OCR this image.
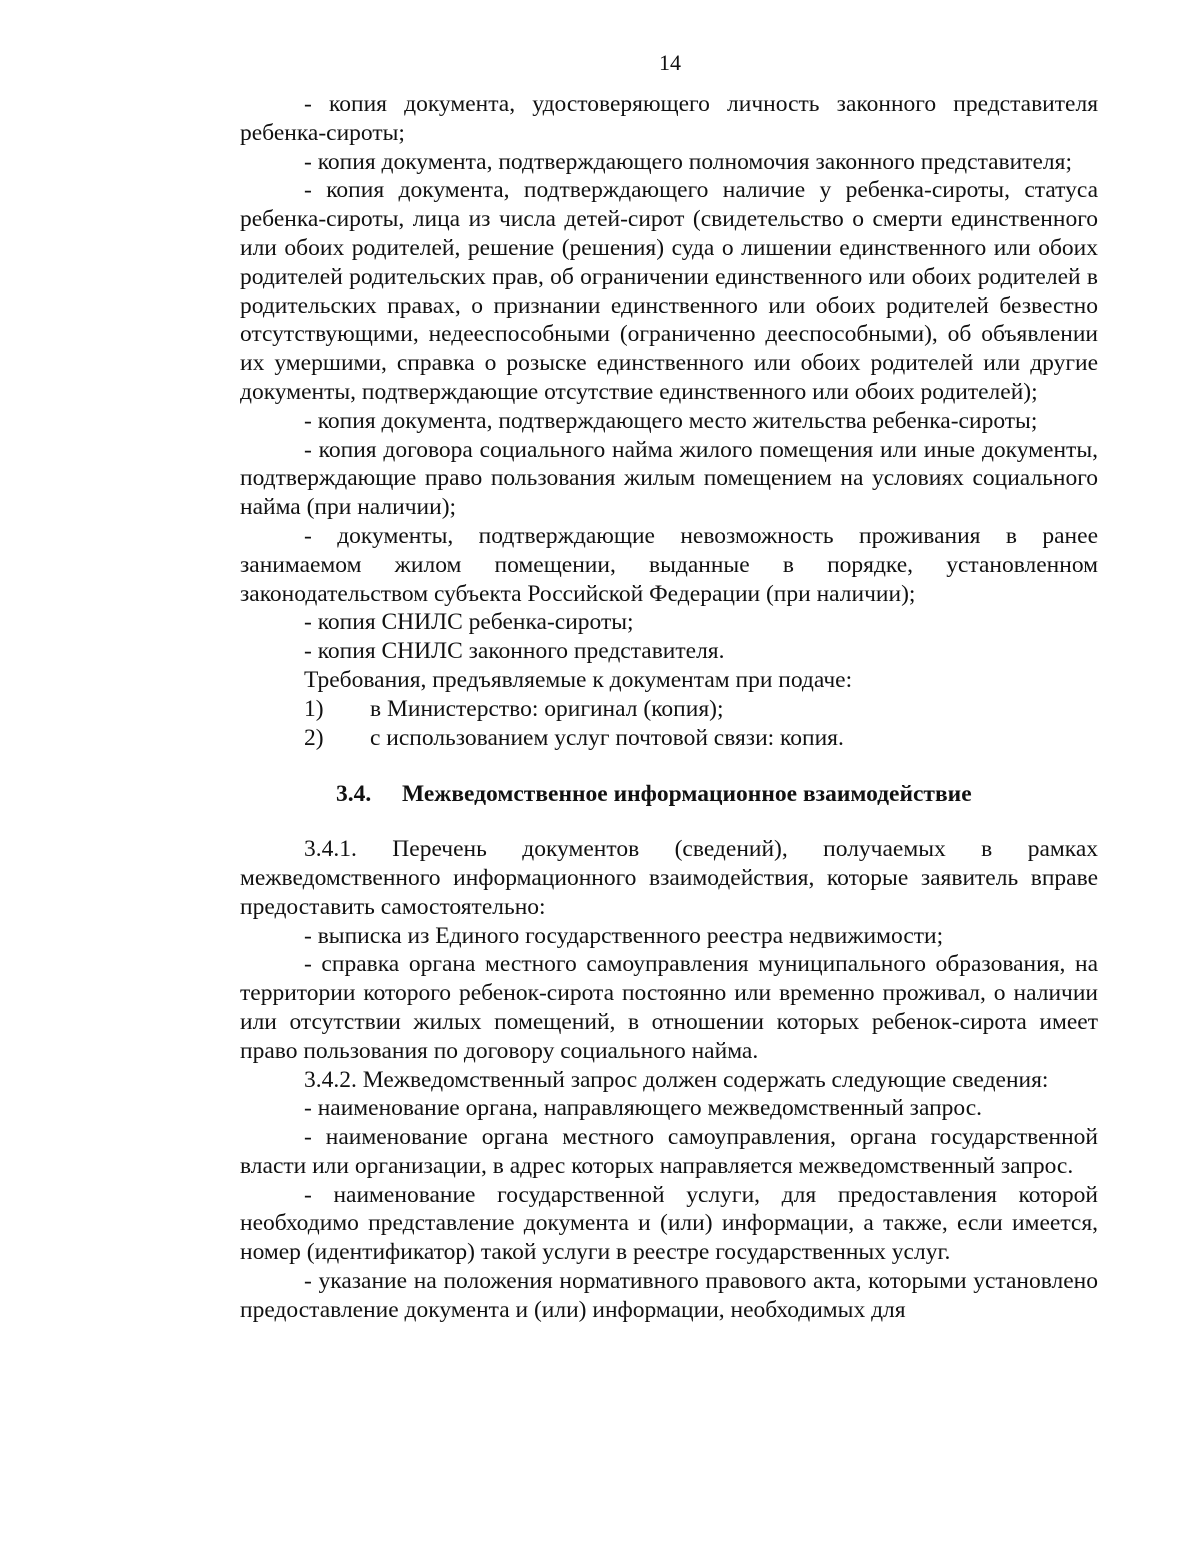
14

- копия документа, удостоверяющего личность законного представителя ребенка-сироты;

- копия документа, подтверждающего полномочия законного представителя;

- копия документа, подтверждающего наличие у ребенка-сироты, статуса ребенка-сироты, лица из числа детей-сирот (свидетельство о смерти единственного или обоих родителей, решение (решения) суда о лишении единственного или обоих родителей родительских прав, об ограничении единственного или обоих родителей в родительских правах, о признании единственного или обоих родителей безвестно отсутствующими, недееспособными (ограниченно дееспособными), об объявлении их умершими, справка о розыске единственного или обоих родителей или другие документы, подтверждающие отсутствие единственного или обоих родителей);

- копия документа, подтверждающего место жительства ребенка-сироты;

- копия договора социального найма жилого помещения или иные документы, подтверждающие право пользования жилым помещением на условиях социального найма (при наличии);

- документы, подтверждающие невозможность проживания в ранее занимаемом жилом помещении, выданные в порядке, установленном законодательством субъекта Российской Федерации (при наличии);

- копия СНИЛС ребенка-сироты;

- копия СНИЛС законного представителя.

Требования, предъявляемые к документам при подаче:

1)	в Министерство: оригинал (копия);
2)	с использованием услуг почтовой связи: копия.
3.4.	Межведомственное информационное взаимодействие

3.4.1. Перечень документов (сведений), получаемых в рамках межведомственного информационного взаимодействия, которые заявитель вправе предоставить самостоятельно:

- выписка из Единого государственного реестра недвижимости;

- справка органа местного самоуправления муниципального образования, на территории которого ребенок-сирота постоянно или временно проживал, о наличии или отсутствии жилых помещений, в отношении которых ребенок-сирота имеет право пользования по договору социального найма.

3.4.2. Межведомственный запрос должен содержать следующие сведения:

- наименование органа, направляющего межведомственный запрос.

- наименование органа местного самоуправления, органа государственной власти или организации, в адрес которых направляется межведомственный запрос.

- наименование государственной услуги, для предоставления которой необходимо представление документа и (или) информации, а также, если имеется, номер (идентификатор) такой услуги в реестре государственных услуг.

- указание на положения нормативного правового акта, которыми установлено предоставление документа и (или) информации, необходимых для
